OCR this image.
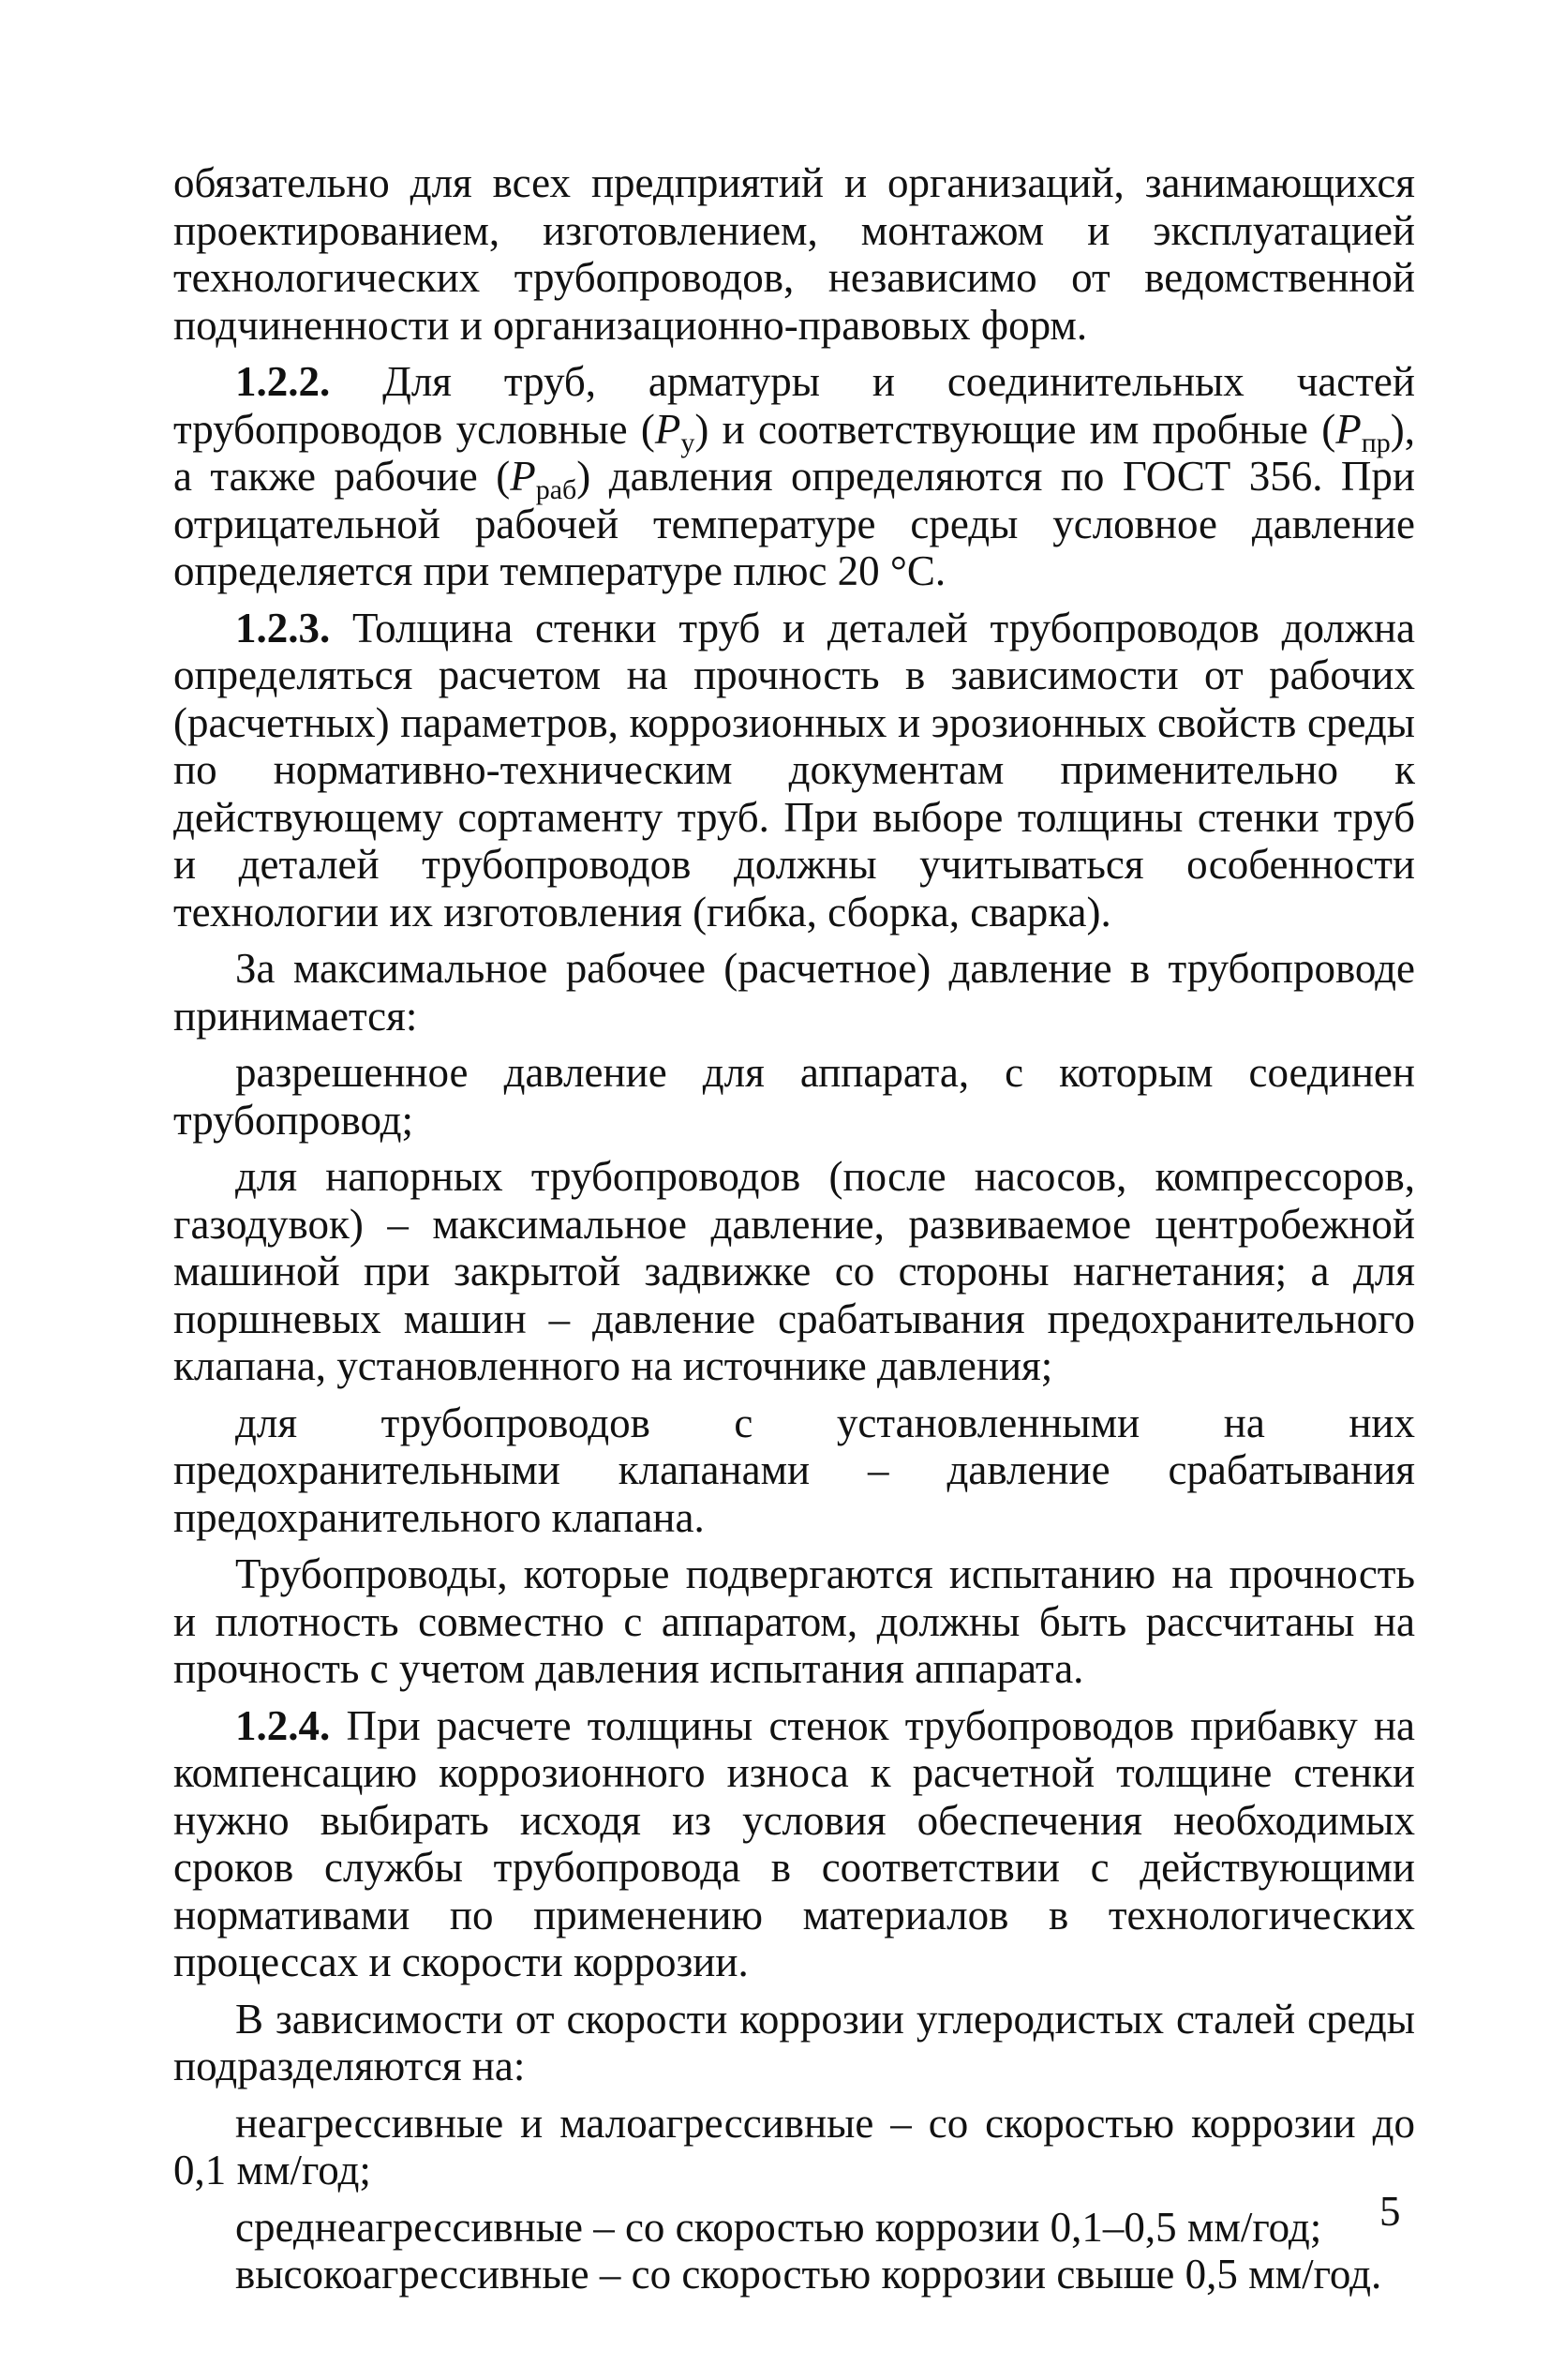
обязательно для всех предприятий и организаций, занимающихся проектированием, изготовлением, монтажом и эксплуатацией технологических трубопроводов, независимо от ведомственной подчиненности и организационно-правовых форм.

1.2.2. Для труб, арматуры и соединительных частей трубопроводов условные $(P_у)$ и соответствующие им пробные $(P_{пр})$, а также рабочие $(P_{раб})$ давления определяются по ГОСТ 356. При отрицательной рабочей температуре среды условное давление определяется при температуре плюс 20 °С.

1.2.3. Толщина стенки труб и деталей трубопроводов должна определяться расчетом на прочность в зависимости от рабочих (расчетных) параметров, коррозионных и эрозионных свойств среды по нормативно-техническим документам применительно к действующему сортаменту труб. При выборе толщины стенки труб и деталей трубопроводов должны учитываться особенности технологии их изготовления (гибка, сборка, сварка).

За максимальное рабочее (расчетное) давление в трубопроводе принимается:

разрешенное давление для аппарата, с которым соединен трубопровод;

для напорных трубопроводов (после насосов, компрессоров, газодувок) – максимальное давление, развиваемое центробежной машиной при закрытой задвижке со стороны нагнетания; а для поршневых машин – давление срабатывания предохранительного клапана, установленного на источнике давления;

для трубопроводов с установленными на них предохранительными клапанами – давление срабатывания предохранительного клапана.

Трубопроводы, которые подвергаются испытанию на прочность и плотность совместно с аппаратом, должны быть рассчитаны на прочность с учетом давления испытания аппарата.

1.2.4. При расчете толщины стенок трубопроводов прибавку на компенсацию коррозионного износа к расчетной толщине стенки нужно выбирать исходя из условия обеспечения необходимых сроков службы трубопровода в соответствии с действующими нормативами по применению материалов в технологических процессах и скорости коррозии.

В зависимости от скорости коррозии углеродистых сталей среды подразделяются на:

неагрессивные и малоагрессивные – со скоростью коррозии до 0,1 мм/год;

среднеагрессивные – со скоростью коррозии 0,1–0,5 мм/год;

высокоагрессивные – со скоростью коррозии свыше 0,5 мм/год.

5
